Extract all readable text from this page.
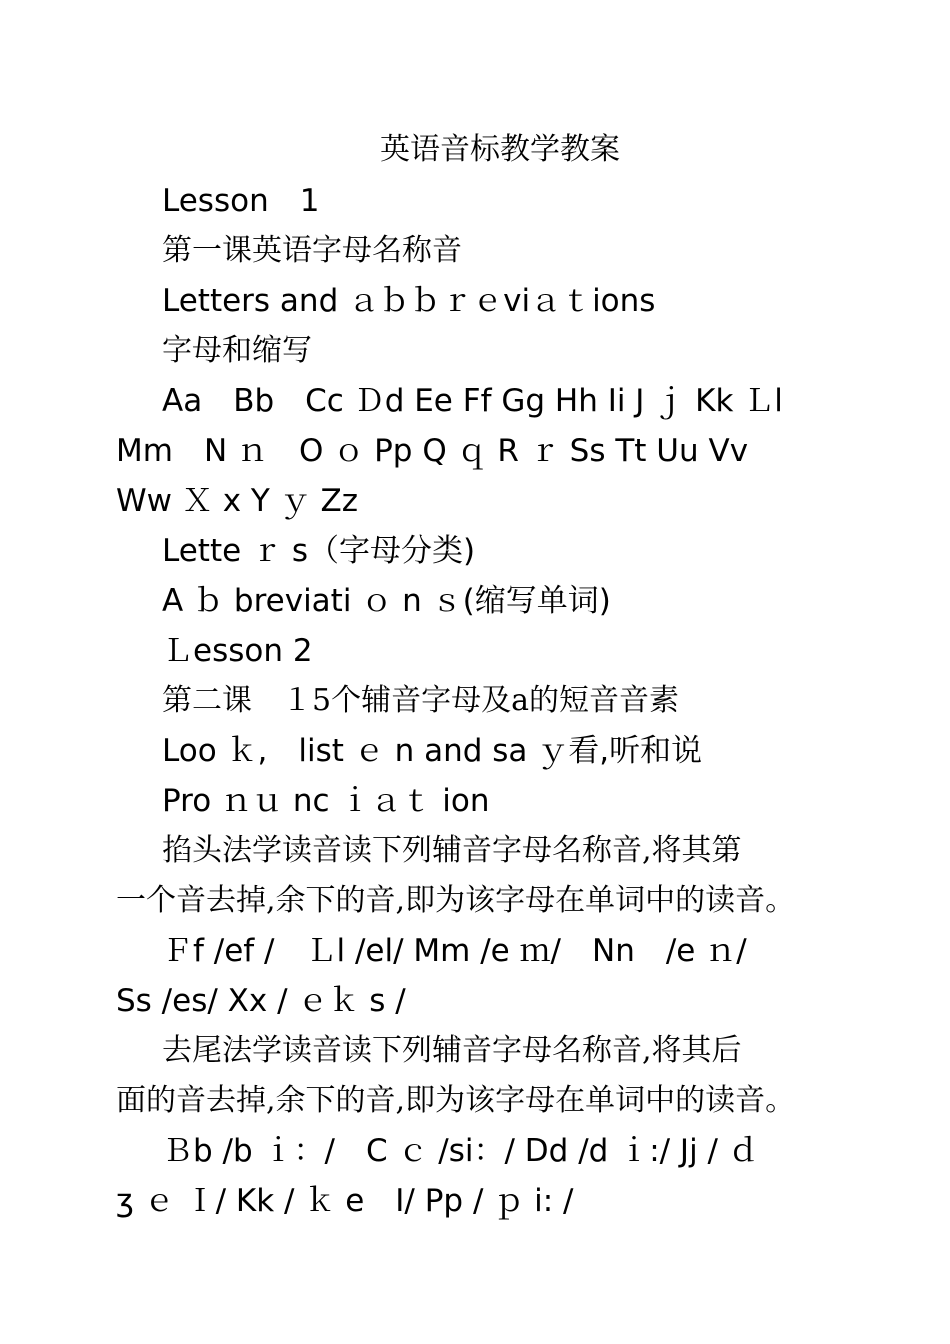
英语音标教学教案
Lesson　1
第一课英语字母名称音
Letters and ａｂｂｒｅviａｔions
字母和缩写
Aa　Bb　Cc Ｄd Ee Ff Gg Hh Ii J ｊ Kk Ｌl
Mm　N ｎ　O ｏ Pp Q ｑ R ｒ Ss Tt Uu Vv
Ww Ｘ x Y ｙ Zz
Lette ｒ s（字母分类)
A ｂ breviati ｏ n ｓ(缩写单词)
Ｌesson 2
第二课　１5个辅音字母及a的短音音素
Loo ｋ,　list ｅ n and sa ｙ看,听和说
Pro ｎｕ nc ｉａｔ ion
掐头法学读音读下列辅音字母名称音,将其第
一个音去掉,余下的音,即为该字母在单词中的读音。
Ｆf /ef /　Ｌl /el/ Mm /e ｍ/　Nn　/e ｎ/
Ss /es/ Xx / ｅｋ s /
去尾法学读音读下列辅音字母名称音,将其后
面的音去掉,余下的音,即为该字母在单词中的读音。
Ｂb /b ｉ：/　C ｃ /si：/ Dd /d ｉ:/ Jj / ｄ
ʒ ｅ Ｉ/ Kk / ｋ e　I/ Pp / ｐ i: /
